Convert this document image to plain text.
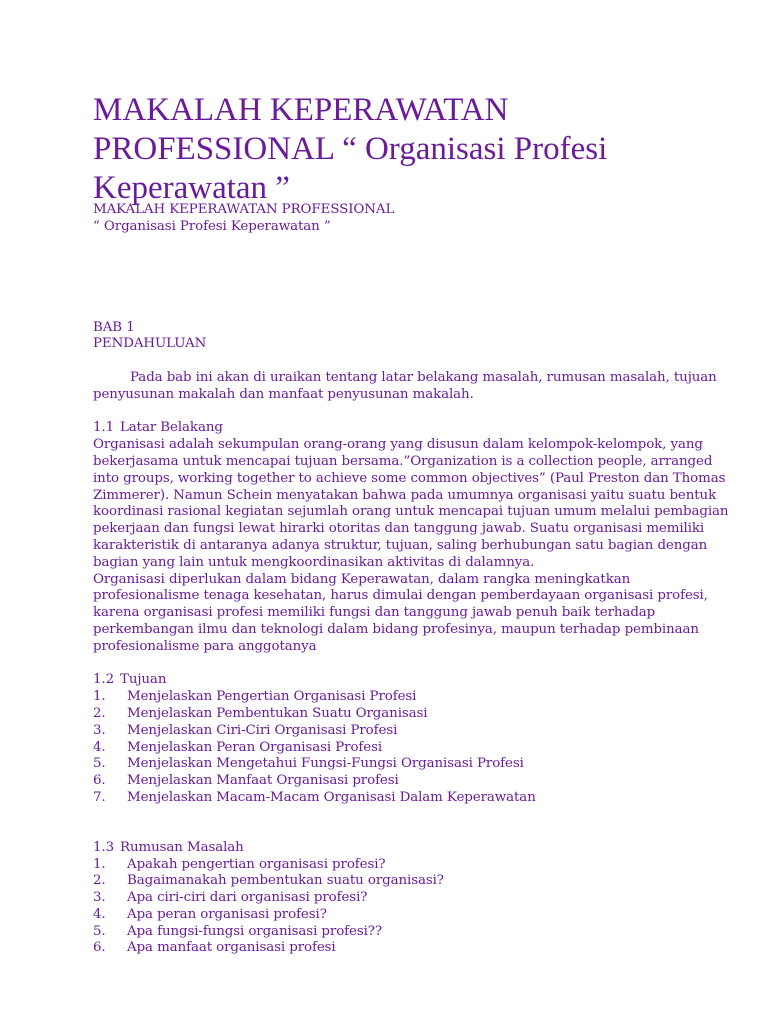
MAKALAH KEPERAWATAN PROFESSIONAL “ Organisasi Profesi Keperawatan ”

MAKALAH KEPERAWATAN PROFESSIONAL

“ Organisasi Profesi Keperawatan ”

BAB 1

PENDAHULUAN

Pada bab ini akan di uraikan tentang latar belakang masalah, rumusan masalah, tujuan penyusunan makalah dan manfaat penyusunan makalah.

1.1 Latar Belakang

Organisasi adalah sekumpulan orang-orang yang disusun dalam kelompok-kelompok, yang bekerjasama untuk mencapai tujuan bersama.”Organization is a collection people, arranged into groups, working together to achieve some common objectives” (Paul Preston dan Thomas Zimmerer). Namun Schein menyatakan bahwa pada umumnya organisasi yaitu suatu bentuk koordinasi rasional kegiatan sejumlah orang untuk mencapai tujuan umum melalui pembagian pekerjaan dan fungsi lewat hirarki otoritas dan tanggung jawab. Suatu organisasi memiliki karakteristik di antaranya adanya struktur, tujuan, saling berhubungan satu bagian dengan bagian yang lain untuk mengkoordinasikan aktivitas di dalamnya.

Organisasi diperlukan dalam bidang Keperawatan, dalam rangka meningkatkan profesionalisme tenaga kesehatan, harus dimulai dengan pemberdayaan organisasi profesi, karena organisasi profesi memiliki fungsi dan tanggung jawab penuh baik terhadap perkembangan ilmu dan teknologi dalam bidang profesinya, maupun terhadap pembinaan profesionalisme para anggotanya

1.2 Tujuan

1.	Menjelaskan Pengertian Organisasi Profesi
2.	Menjelaskan Pembentukan Suatu Organisasi
3.	Menjelaskan Ciri-Ciri Organisasi Profesi
4.	Menjelaskan Peran Organisasi Profesi
5.	Menjelaskan Mengetahui Fungsi-Fungsi Organisasi Profesi
6.	Menjelaskan Manfaat Organisasi profesi
7.	Menjelaskan Macam-Macam Organisasi Dalam Keperawatan

1.3 Rumusan Masalah

1.	Apakah pengertian organisasi profesi?
2.	Bagaimanakah pembentukan suatu organisasi?
3.	Apa ciri-ciri dari organisasi profesi?
4.	Apa peran organisasi profesi?
5.	Apa fungsi-fungsi organisasi profesi??
6.	Apa manfaat organisasi profesi
